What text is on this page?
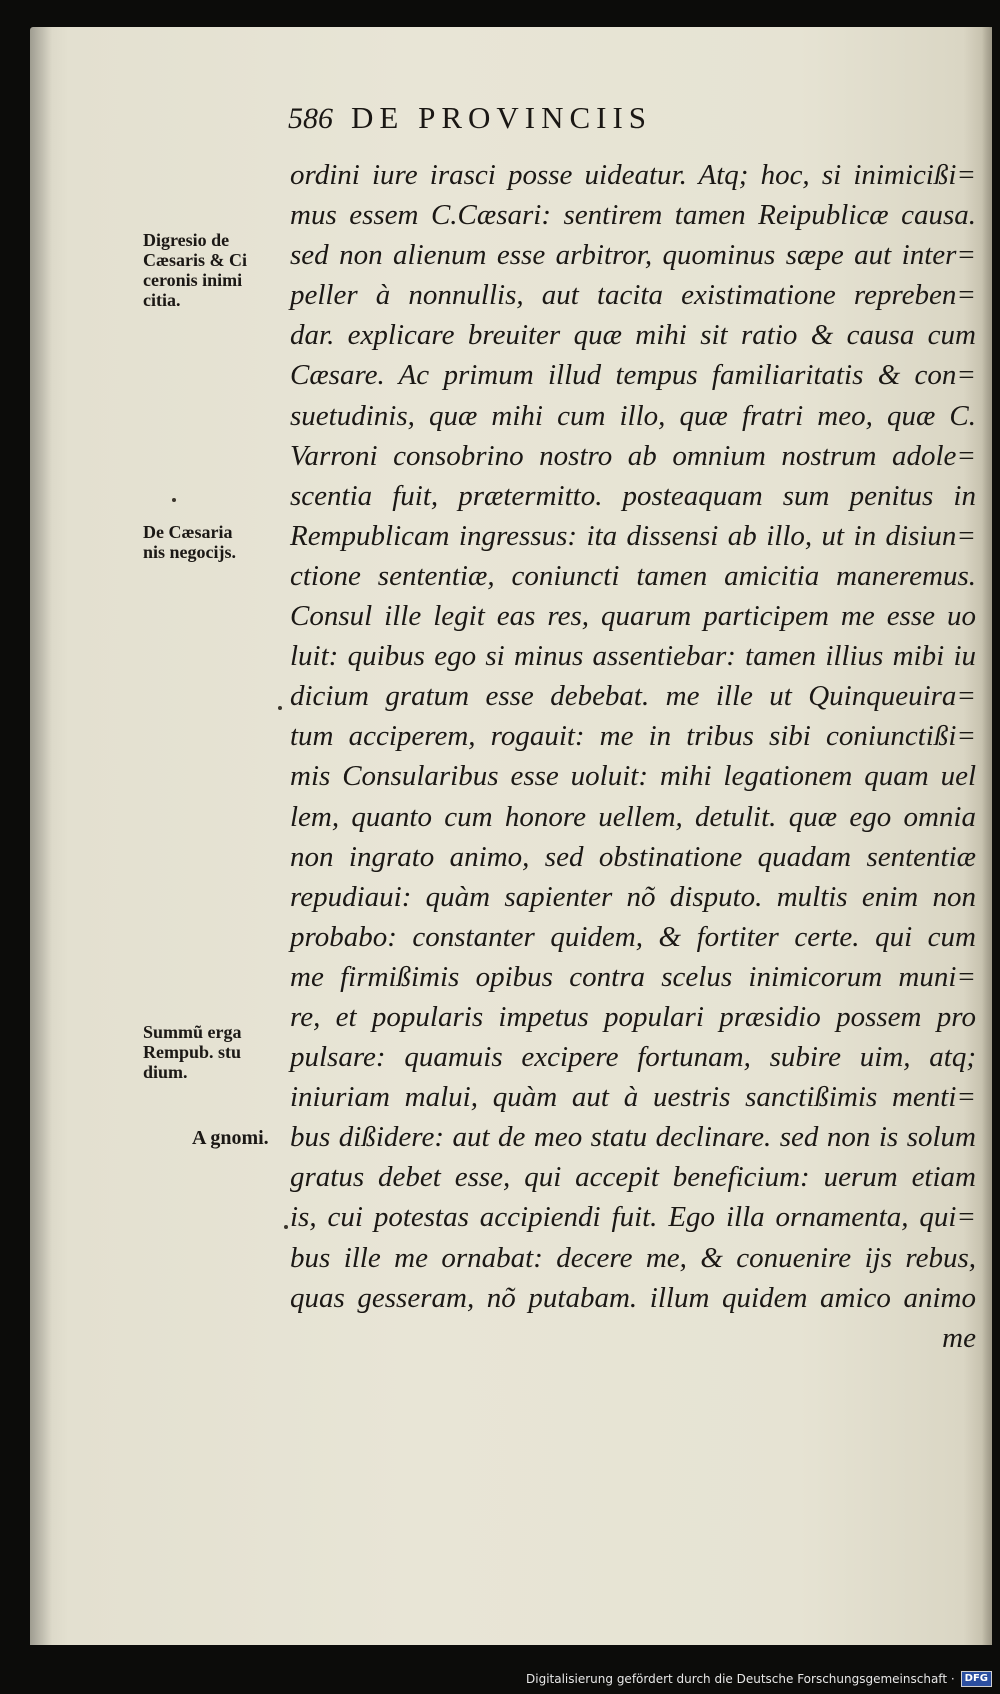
586 DE PROVINCIIS
ordini iure irasci posse uideatur. Atq; hoc, si inimicißi=
mus essem C.Cæsari: sentirem tamen Reipublicæ causa.
sed non alienum esse arbitror, quominus sæpe aut inter=
peller à nonnullis, aut tacita existimatione repreben=
dar. explicare breuiter quæ mihi sit ratio & causa cum
Cæsare. Ac primum illud tempus familiaritatis & con=
suetudinis, quæ mihi cum illo, quæ fratri meo, quæ C.
Varroni consobrino nostro ab omnium nostrum adole=
scentia fuit, prætermitto. posteaquam sum penitus in
Rempublicam ingressus: ita dissensi ab illo, ut in disiun=
ctione sententiæ, coniuncti tamen amicitia maneremus.
Consul ille legit eas res, quarum participem me esse uo
luit: quibus ego si minus assentiebar: tamen illius mibi iu
dicium gratum esse debebat. me ille ut Quinqueuira=
tum acciperem, rogauit: me in tribus sibi coniunctißi=
mis Consularibus esse uoluit: mihi legationem quam uel
lem, quanto cum honore uellem, detulit. quæ ego omnia
non ingrato animo, sed obstinatione quadam sententiæ
repudiaui: quàm sapienter nõ disputo. multis enim non
probabo: constanter quidem, & fortiter certe. qui cum
me firmißimis opibus contra scelus inimicorum muni=
re, et popularis impetus populari præsidio possem pro
pulsare: quamuis excipere fortunam, subire uim, atq;
iniuriam malui, quàm aut à uestris sanctißimis menti=
bus dißidere: aut de meo statu declinare. sed non is solum
gratus debet esse, qui accepit beneficium: uerum etiam
is, cui potestas accipiendi fuit. Ego illa ornamenta, qui=
bus ille me ornabat: decere me, & conuenire ijs rebus,
quas gesseram, nõ putabam. illum quidem amico animo
me
Digresio de
Cæsaris & Ci
ceronis inimi
citia.
De Cæsaria
nis negocijs.
Summũ erga
Rempub. stu
dium.
A gnomi.
Digitalisierung gefördert durch die Deutsche Forschungsgemeinschaft ·	DFG
